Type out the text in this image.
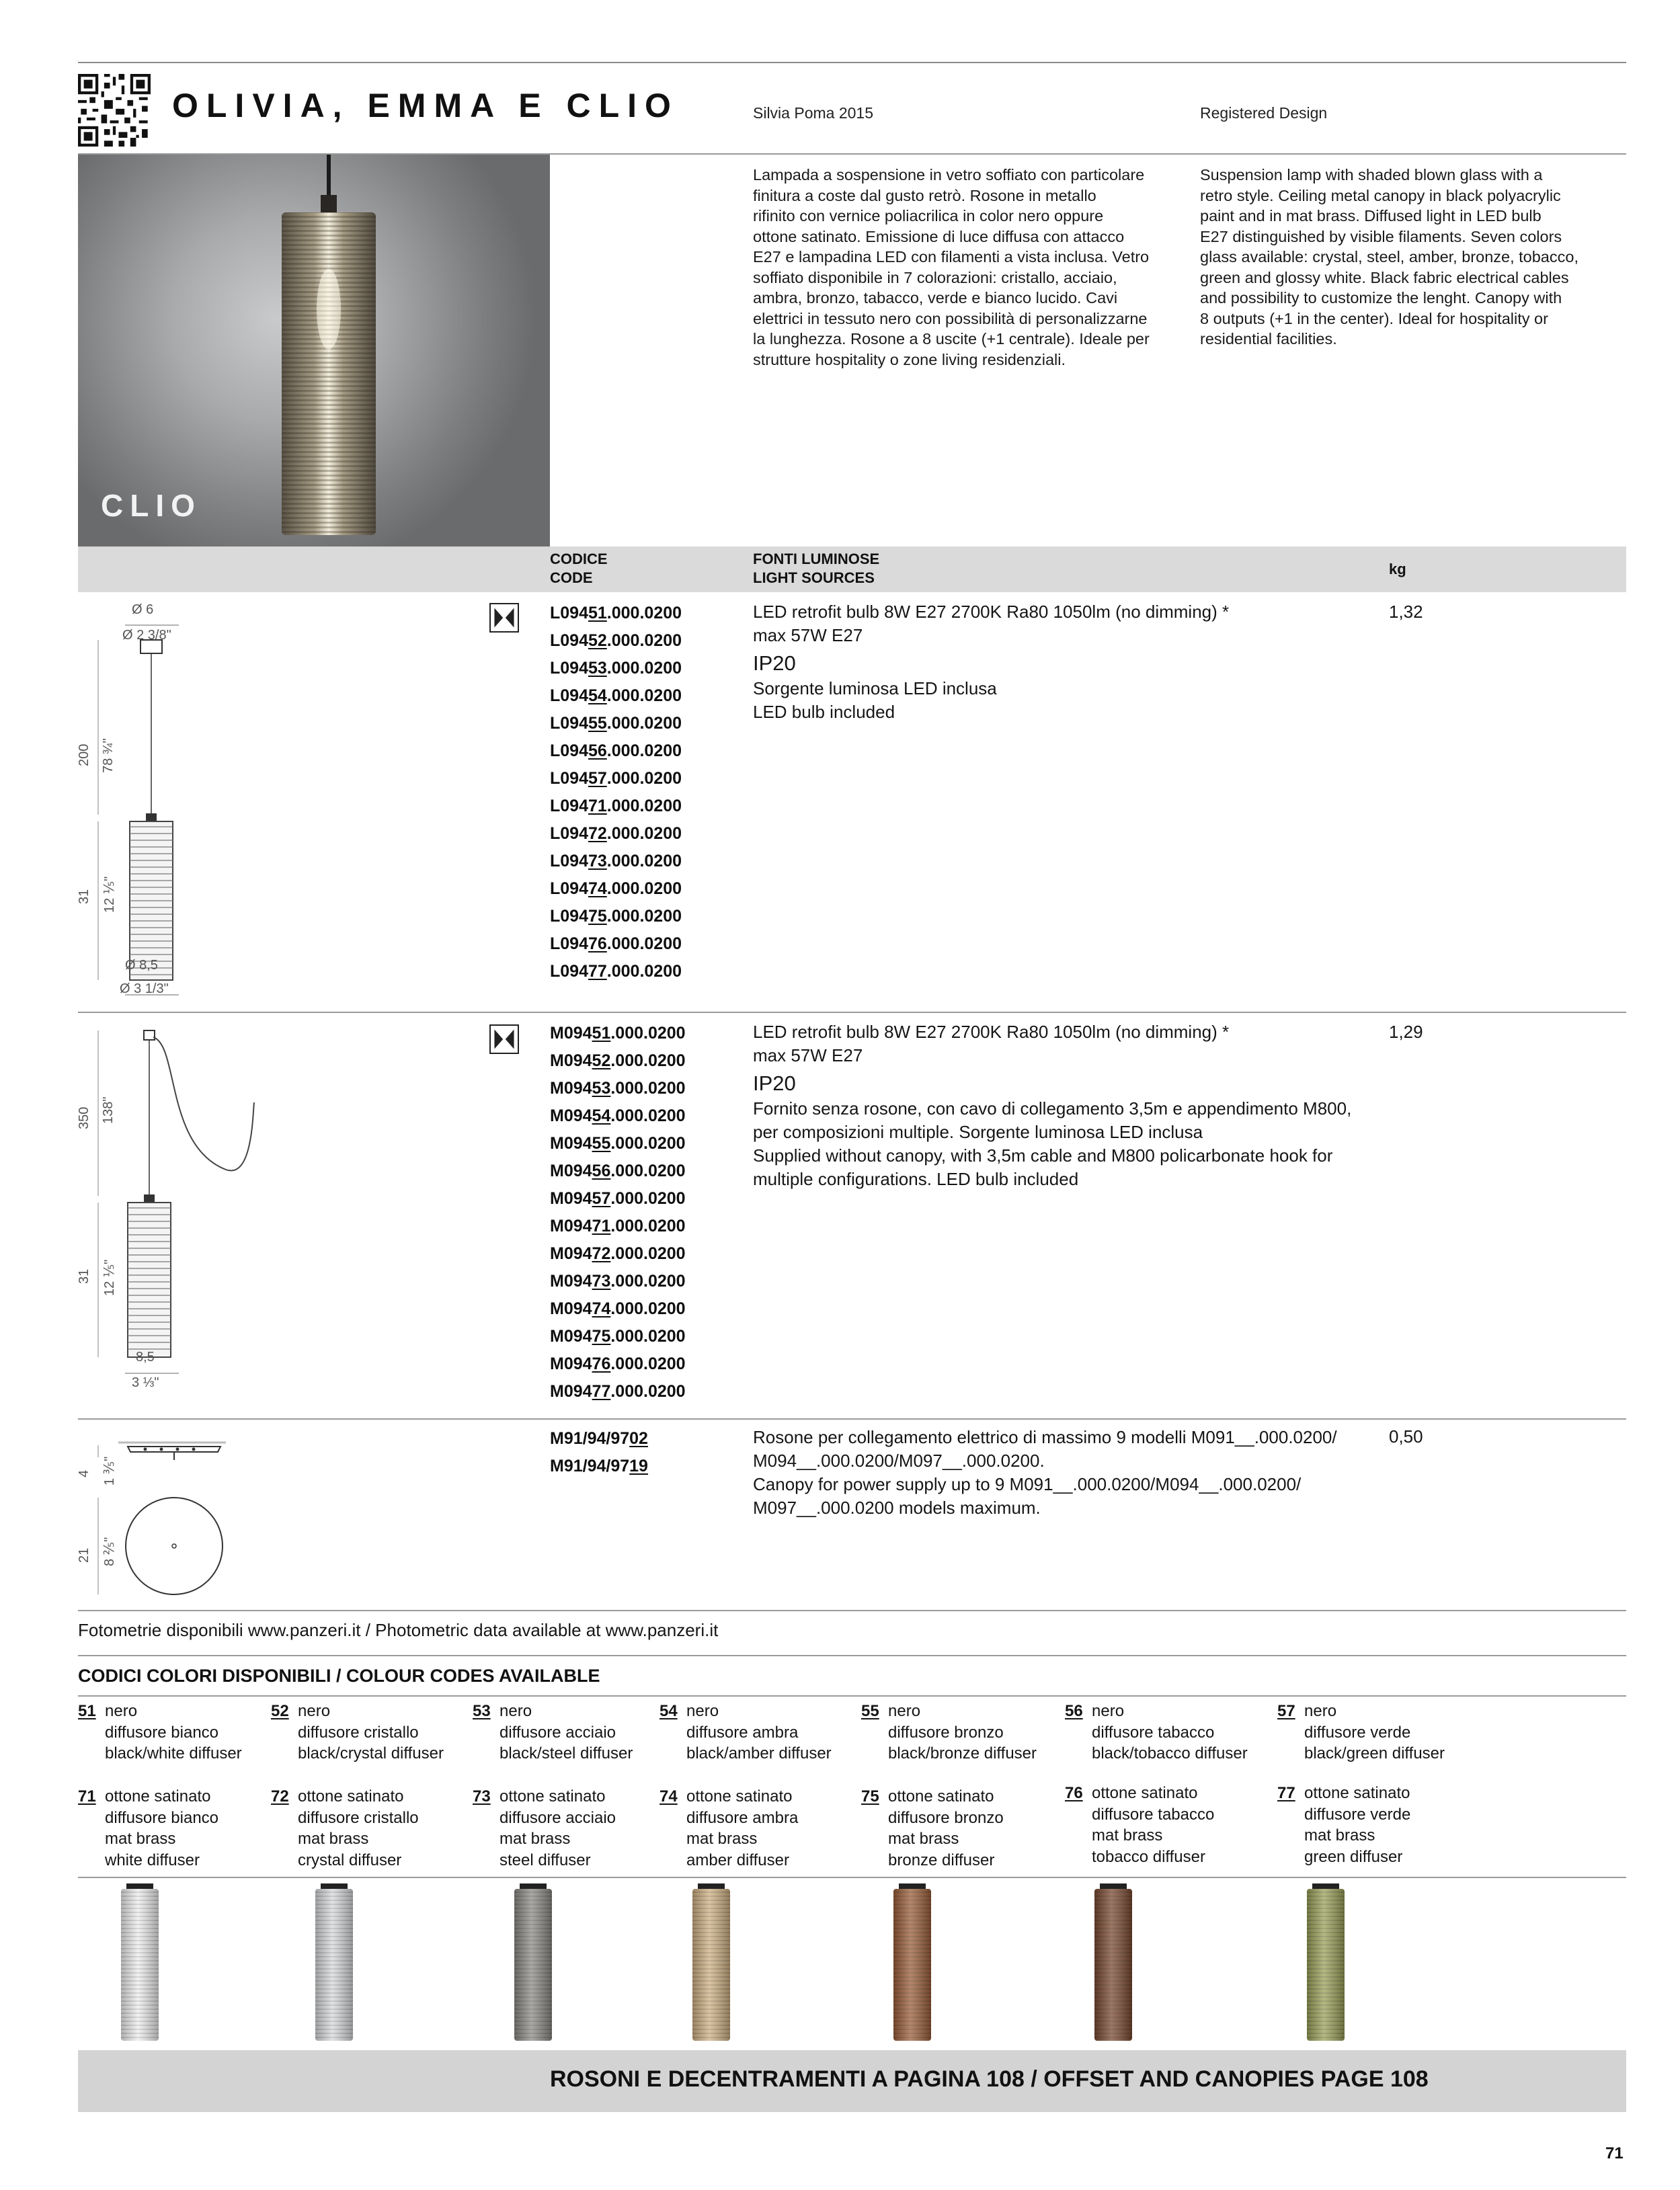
OLIVIA, EMMA E CLIO	Silvia Poma 2015	Registered Design
CLIO
Lampada a sospensione in vetro soffiato con particolare
finitura a coste dal gusto retrò. Rosone in metallo
rifinito con vernice poliacrilica in color nero oppure
ottone satinato. Emissione di luce diffusa con attacco
E27 e lampadina LED con filamenti a vista inclusa. Vetro
soffiato disponibile in 7 colorazioni: cristallo, acciaio,
ambra, bronzo, tabacco, verde e bianco lucido. Cavi
elettrici in tessuto nero con possibilità di personalizzarne
la lunghezza. Rosone a 8 uscite (+1 centrale). Ideale per
strutture hospitality o zone living residenziali.
Suspension lamp with shaded blown glass with a
retro style. Ceiling metal canopy in black polyacrylic
paint and in mat brass. Diffused light in LED bulb
E27 distinguished by visible filaments. Seven colors
glass available: crystal, steel, amber, bronze, tobacco,
green and glossy white. Black fabric electrical cables
and possibility to customize the lenght. Canopy with
8 outputs (+1 in the center). Ideal for hospitality or
residential facilities.
CODICE
CODE
FONTI LUMINOSE
LIGHT SOURCES
kg
Ø 6
Ø 2 3/8"
200 78 ¾"
31 12 ⅕"
Ø 8,5
Ø 3 1/3"
L09451.000.0200
L09452.000.0200
L09453.000.0200
L09454.000.0200
L09455.000.0200
L09456.000.0200
L09457.000.0200
L09471.000.0200
L09472.000.0200
L09473.000.0200
L09474.000.0200
L09475.000.0200
L09476.000.0200
L09477.000.0200
LED retrofit bulb 8W E27 2700K Ra80 1050lm (no dimming) *
max 57W E27
IP20
Sorgente luminosa LED inclusa
LED bulb included
1,32
350 138"
31 12 ⅕"
8,5
3 ⅓"
M09451.000.0200
M09452.000.0200
M09453.000.0200
M09454.000.0200
M09455.000.0200
M09456.000.0200
M09457.000.0200
M09471.000.0200
M09472.000.0200
M09473.000.0200
M09474.000.0200
M09475.000.0200
M09476.000.0200
M09477.000.0200
LED retrofit bulb 8W E27 2700K Ra80 1050lm (no dimming) *
max 57W E27
IP20
Fornito senza rosone, con cavo di collegamento 3,5m e appendimento M800,
per composizioni multiple. Sorgente luminosa LED inclusa
Supplied without canopy, with 3,5m cable and M800 policarbonate hook for
multiple configurations. LED bulb included
1,29
4 1 ⅗"
21 8 ⅖"
M91/94/9702
M91/94/9719
Rosone per collegamento elettrico di massimo 9 modelli M091__.000.0200/
M094__.000.0200/M097__.000.0200.
Canopy for power supply up to 9 M091__.000.0200/M094__.000.0200/
M097__.000.0200 models maximum.
0,50
Fotometrie disponibili www.panzeri.it / Photometric data available at www.panzeri.it
CODICI COLORI DISPONIBILI / COLOUR CODES AVAILABLE
51 nero
diffusore bianco
black/white diffuser
52 nero
diffusore cristallo
black/crystal diffuser
53 nero
diffusore acciaio
black/steel diffuser
54 nero
diffusore ambra
black/amber diffuser
55 nero
diffusore bronzo
black/bronze diffuser
56 nero
diffusore tabacco
black/tobacco diffuser
57 nero
diffusore verde
black/green diffuser
71 ottone satinato
diffusore bianco
mat brass
white diffuser
72 ottone satinato
diffusore cristallo
mat brass
crystal diffuser
73 ottone satinato
diffusore acciaio
mat brass
steel diffuser
74 ottone satinato
diffusore ambra
mat brass
amber diffuser
75 ottone satinato
diffusore bronzo
mat brass
bronze diffuser
76 ottone satinato
diffusore tabacco
mat brass
tobacco diffuser
77 ottone satinato
diffusore verde
mat brass
green diffuser
ROSONI E DECENTRAMENTI A PAGINA 108 / OFFSET AND CANOPIES PAGE 108
71
